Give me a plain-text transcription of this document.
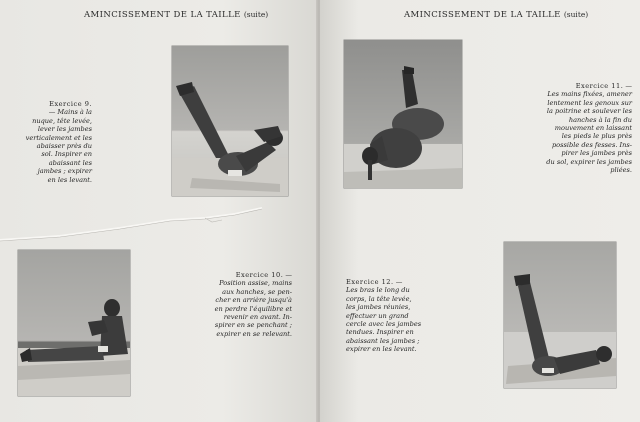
AMINCISSEMENT DE LA TAILLE (suite)

Exercice 9.

— Mains à la

nuque, tête levée,

lever les jambes

verticalement et les

abaisser près du

sol. Inspirer en

abaissant les

jambes ; expirer

en les levant.

Exercice 10. —

Position assise, mains

aux hanches, se pen-

cher en arrière jusqu'à

en perdre l'équilibre et

revenir en avant. In-

spirer en se penchant ;

expirer en se relevant.

AMINCISSEMENT DE LA TAILLE (suite)

Exercice 11. —

Les mains fixées, amener

lentement les genoux sur

la poitrine et soulever les

hanches à la fin du

mouvement en laissant

les pieds le plus près

possible des fesses. Ins-

pirer les jambes près

du sol, expirer les jambes

pliées.

Exercice 12. —

Les bras le long du

corps, la tête levée,

les jambes réunies,

effectuer un grand

cercle avec les jambes

tendues. Inspirer en

abaissant les jambes ;

expirer en les levant.
